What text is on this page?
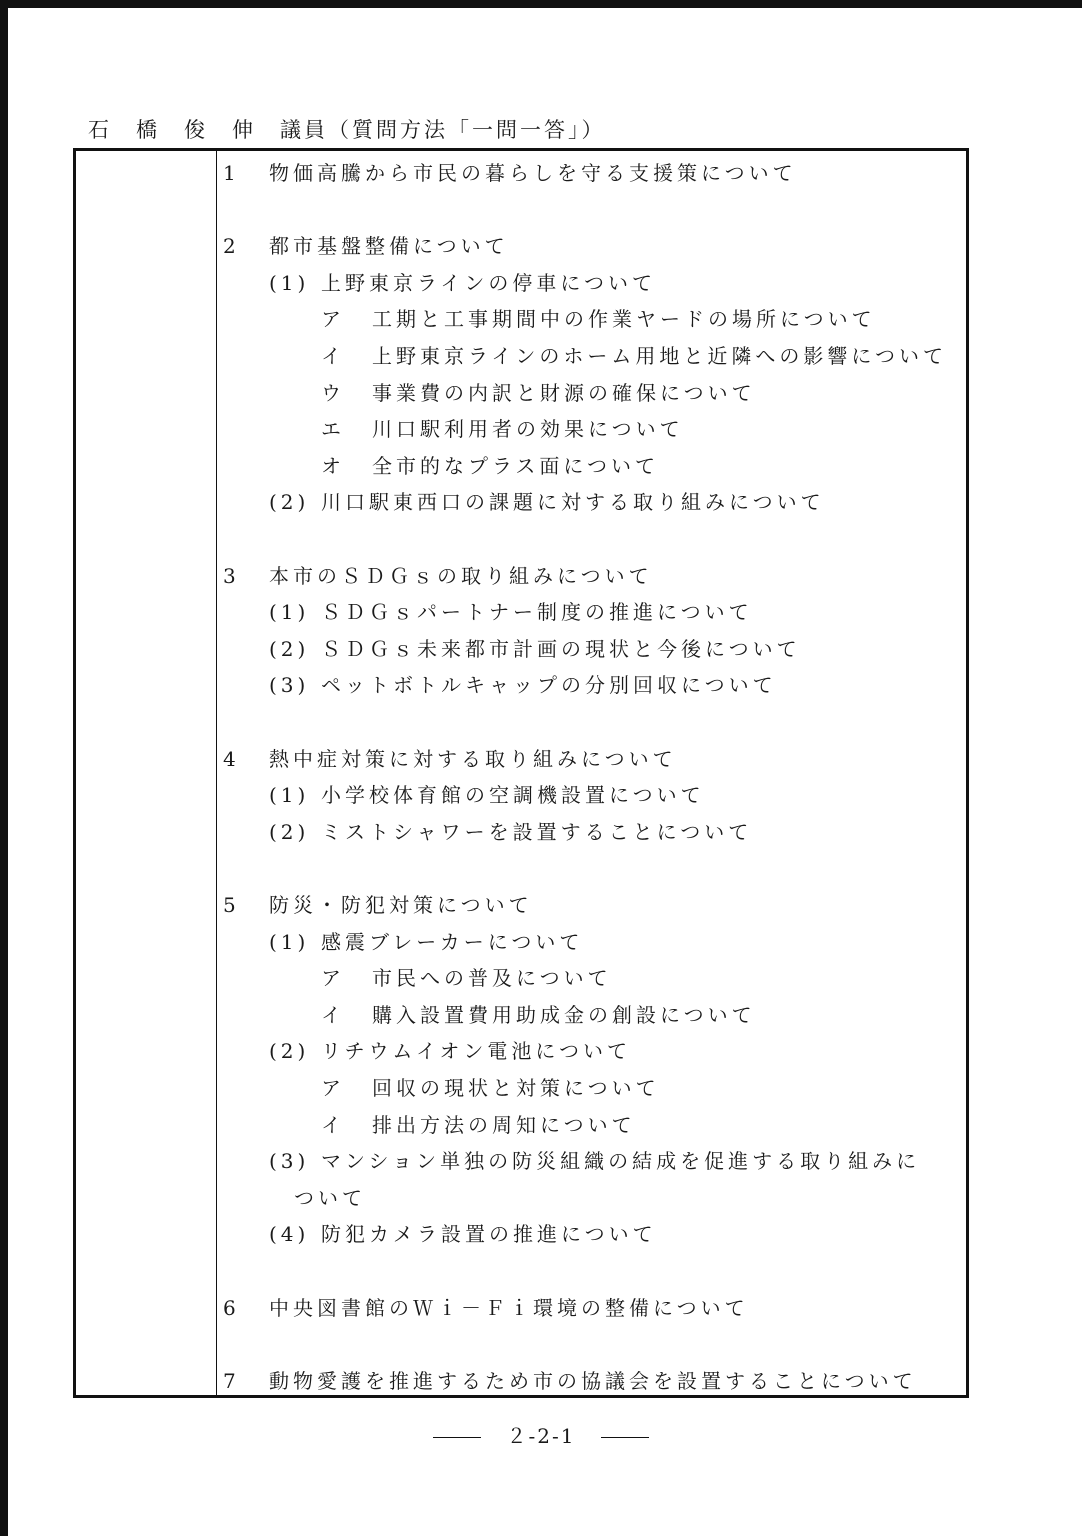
石　橋　俊　伸　議員（質問方法「一問一答」）
1 物価高騰から市民の暮らしを守る支援策について
2 都市基盤整備について
(1) 上野東京ラインの停車について
ア 工期と工事期間中の作業ヤードの場所について
イ 上野東京ラインのホーム用地と近隣への影響について
ウ 事業費の内訳と財源の確保について
エ 川口駅利用者の効果について
オ 全市的なプラス面について
(2) 川口駅東西口の課題に対する取り組みについて
3 本市のＳＤＧｓの取り組みについて
(1) ＳＤＧｓパートナー制度の推進について
(2) ＳＤＧｓ未来都市計画の現状と今後について
(3) ペットボトルキャップの分別回収について
4 熱中症対策に対する取り組みについて
(1) 小学校体育館の空調機設置について
(2) ミストシャワーを設置することについて
5 防災・防犯対策について
(1) 感震ブレーカーについて
ア 市民への普及について
イ 購入設置費用助成金の創設について
(2) リチウムイオン電池について
ア 回収の現状と対策について
イ 排出方法の周知について
(3) マンション単独の防災組織の結成を促進する取り組みに
ついて
(4) 防犯カメラ設置の推進について
6 中央図書館のＷｉ－Ｆｉ環境の整備について
7 動物愛護を推進するため市の協議会を設置することについて
２-2-1
